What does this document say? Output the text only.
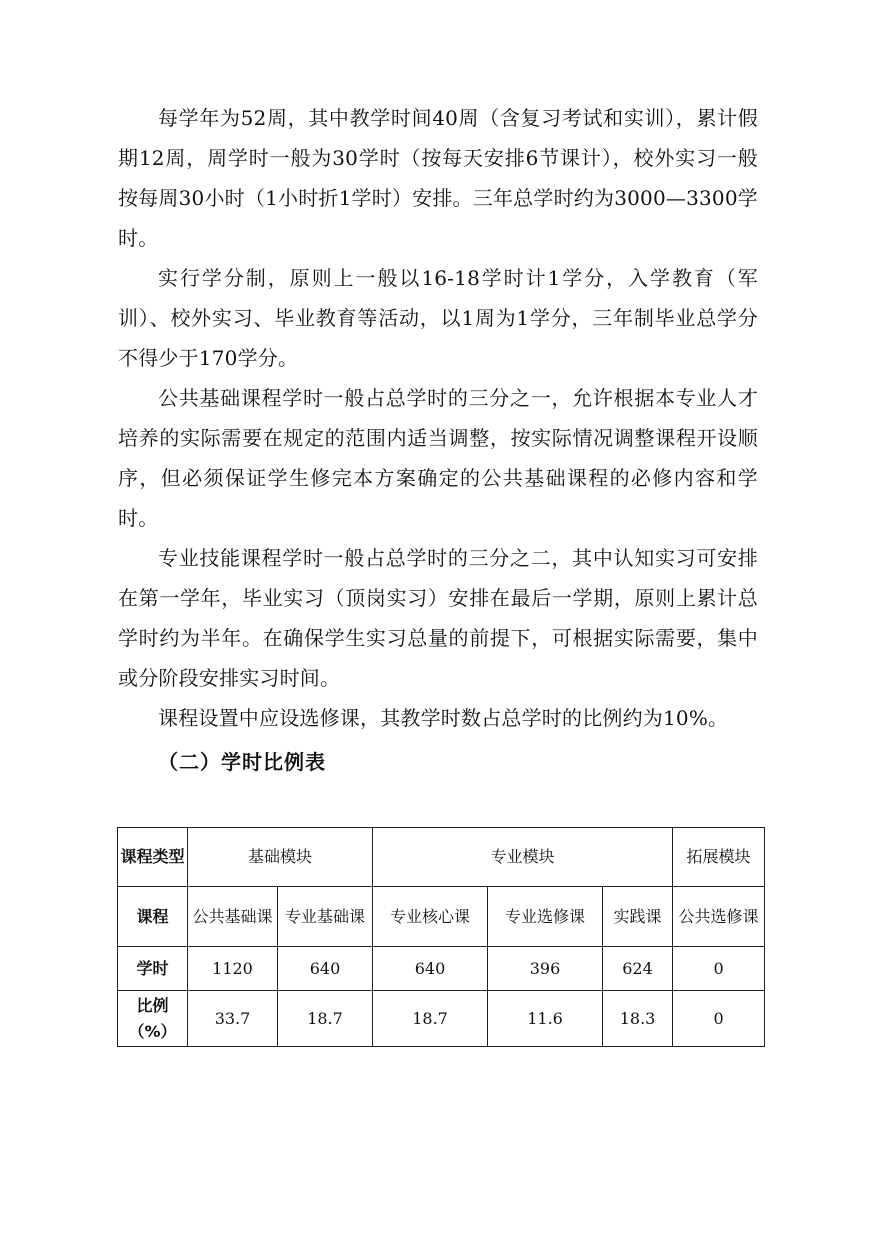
每学年为52周，其中教学时间40周（含复习考试和实训），累计假期12周，周学时一般为30学时（按每天安排6节课计），校外实习一般按每周30小时（1小时折1学时）安排。三年总学时约为3000—3300学时。

实行学分制，原则上一般以16-18学时计1学分，入学教育（军训）、校外实习、毕业教育等活动，以1周为1学分，三年制毕业总学分不得少于170学分。

公共基础课程学时一般占总学时的三分之一，允许根据本专业人才培养的实际需要在规定的范围内适当调整，按实际情况调整课程开设顺序，但必须保证学生修完本方案确定的公共基础课程的必修内容和学时。

专业技能课程学时一般占总学时的三分之二，其中认知实习可安排在第一学年，毕业实习（顶岗实习）安排在最后一学期，原则上累计总学时约为半年。在确保学生实习总量的前提下，可根据实际需要，集中或分阶段安排实习时间。

课程设置中应设选修课，其教学时数占总学时的比例约为10%。

（二）学时比例表
课程类型	基础模块		专业模块			拓展模块
课程	公共基础课	专业基础课	专业核心课	专业选修课	实践课	公共选修课
学时	1120	640	640	396	624	0
比例（%）	33.7	18.7	18.7	11.6	18.3	0
